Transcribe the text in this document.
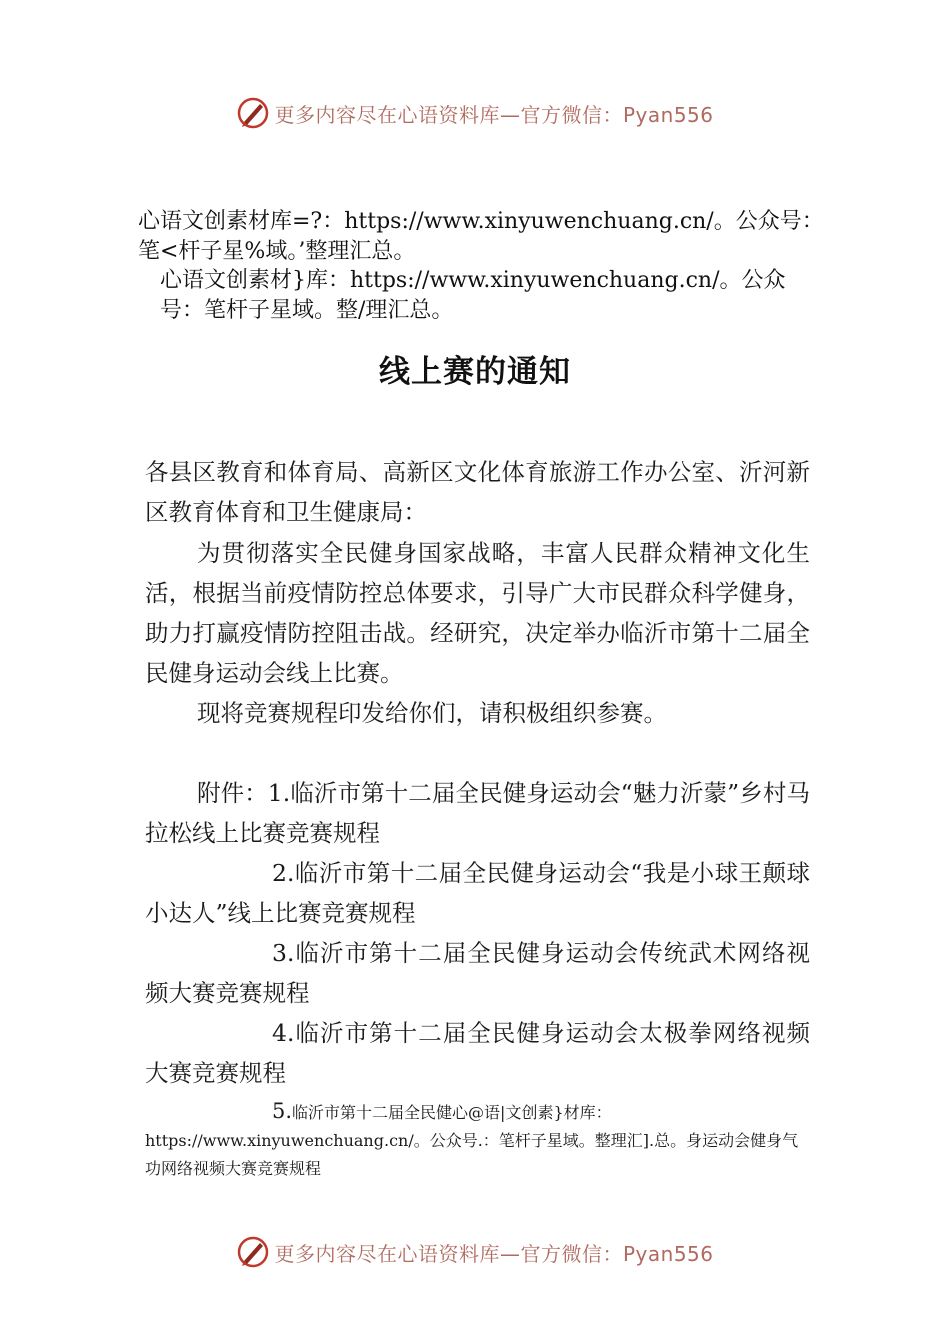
更多内容尽在心语资料库—官方微信：Pyan556
心语文创素材库=?：https://www.xinyuwenchuang.cn/。公众号：笔<杆子星%域。’整理汇总。
心语文创素材}库：https://www.xinyuwenchuang.cn/。公众号：笔杆子星域。整/理汇总。
线上赛的通知
各县区教育和体育局、高新区文化体育旅游工作办公室、沂河新区教育体育和卫生健康局：
为贯彻落实全民健身国家战略，丰富人民群众精神文化生活，根据当前疫情防控总体要求，引导广大市民群众科学健身，助力打赢疫情防控阻击战。经研究，决定举办临沂市第十二届全民健身运动会线上比赛。
现将竞赛规程印发给你们，请积极组织参赛。
附件：1.临沂市第十二届全民健身运动会“魅力沂蒙”乡村马拉松线上比赛竞赛规程
2.临沂市第十二届全民健身运动会“我是小球王颠球小达人”线上比赛竞赛规程
3.临沂市第十二届全民健身运动会传统武术网络视频大赛竞赛规程
4.临沂市第十二届全民健身运动会太极拳网络视频大赛竞赛规程
5.临沂市第十二届全民健心@语|文创素}材库：https://www.xinyuwenchuang.cn/。公众号.：笔杆子星域。整理汇].总。身运动会健身气功网络视频大赛竞赛规程
更多内容尽在心语资料库—官方微信：Pyan556
